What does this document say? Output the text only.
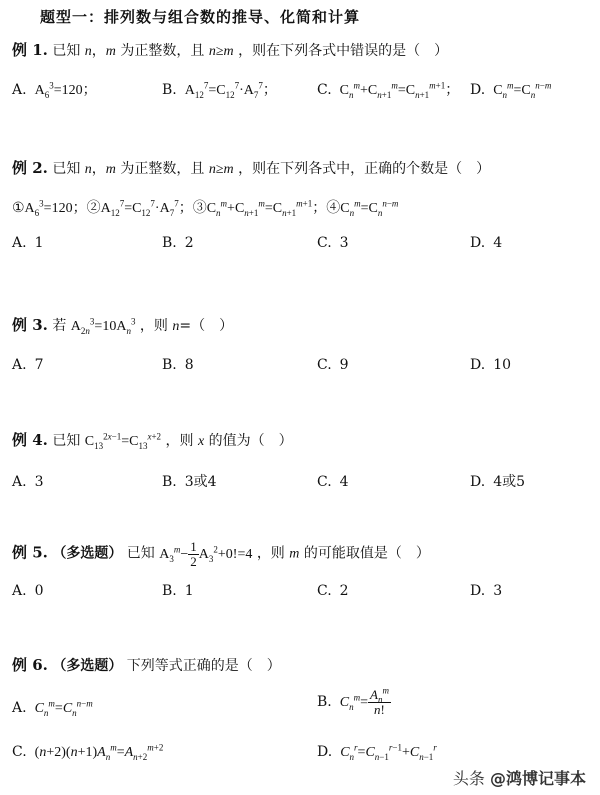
题型一：排列数与组合数的推导、化简和计算
例 1. 已知 n，m 为正整数，且 n≥m ，则在下列各式中错误的是（　）
A. $A_6^3=120$；	B. $A_{12}^7=C_{12}^7\cdot A_7^7$；	C. $C_n^m+C_{n+1}^m=C_{n+1}^{m+1}$； D. $C_n^m=C_n^{n-m}$
例 2. 已知 n，m 为正整数，且 n≥m ，则在下列各式中，正确的个数是（　）
$①A_6^3=120$；$②A_{12}^7=C_{12}^7\cdot A_7^7$；$③C_n^m+C_{n+1}^m=C_{n+1}^{m+1}$；$④C_n^m=C_n^{n-m}$
A. 1	B. 2	C. 3	D. 4
例 3. 若 $A_{2n}^3=10A_n^3$ ，则 n=（　）
A. 7	B. 8	C. 9	D. 10
例 4. 已知 $C_{13}^{2x-1}=C_{13}^{x+2}$ ，则 x 的值为（　）
A. 3	B. 3或4	C. 4	D. 4或5
例 5. （多选题） 已知 $A_3^m- \frac{1}{2} A_3^2+0!=4$ ，则 m 的可能取值是（　）
A. 0	B. 1	C. 2	D. 3
例 6. （多选题） 下列等式正确的是（　）
A. $C_n^m=C_n^{n-m}$	B. $C_n^m= \frac{A_n^m}{n!}$
C. $(n+2)(n+1)A_n^m=A_{n+2}^{m+2}$	D. $C_n^r=C_{n-1}^{r-1}+C_{n-1}^r$
头条 @鸿博记事本
